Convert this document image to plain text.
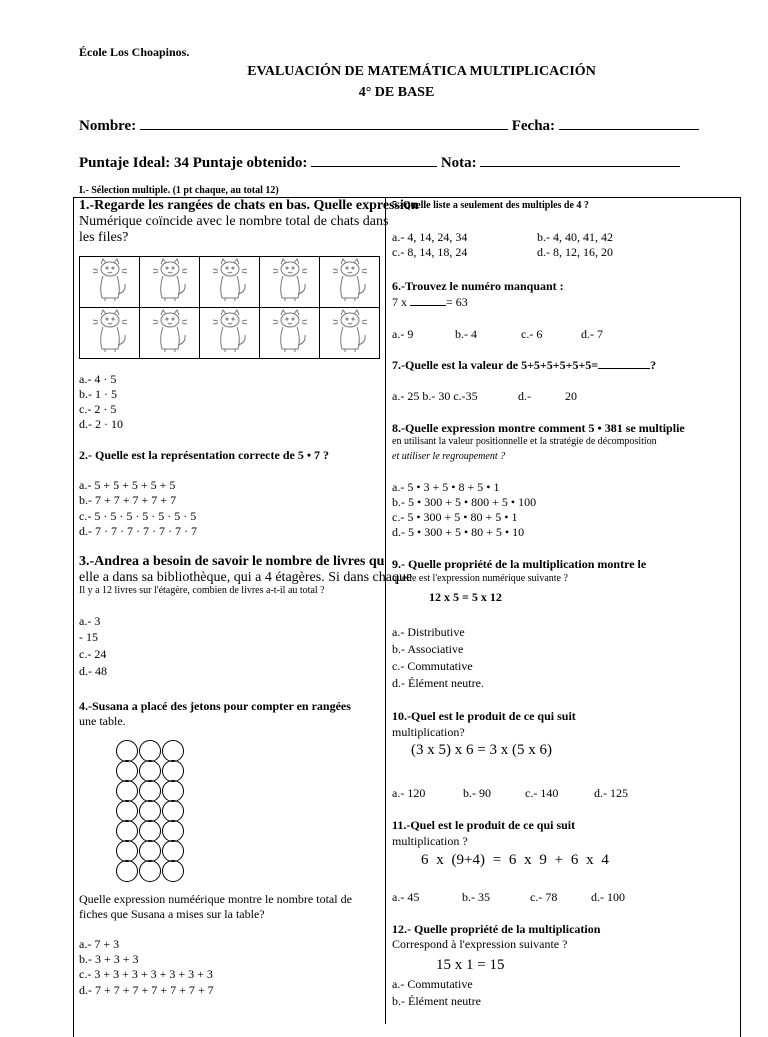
École Los Choapinos.
EVALUACIÓN DE MATEMÁTICA MULTIPLICACIÓN
4° DE BASE
Nombre:	Fecha:
Puntaje Ideal: 34 Puntaje obtenido:	Nota:
I.- Sélection multiple. (1 pt chaque, au total 12)
1.-Regarde les rangées de chats en bas. Quelle expression
Numérique coïncide avec le nombre total de chats dans
les files?

a.- 4 · 5
b.- 1 · 5
c.- 2 · 5
d.- 2 · 10
2.- Quelle est la représentation correcte de 5 • 7 ?
a.- 5 + 5 + 5 + 5 + 5
b.- 7 + 7 + 7 + 7 + 7
c.- 5 · 5 · 5 · 5 · 5 · 5 · 5
d.- 7 · 7 · 7 · 7 · 7 · 7 · 7
3.-Andrea a besoin de savoir le nombre de livres qu
elle a dans sa bibliothèque, qui a 4 étagères. Si dans chaque
Il y a 12 livres sur l'étagère, combien de livres a-t-il au total ?
a.- 3
- 15
c.- 24
d.- 48
4.-Susana a placé des jetons pour compter en rangées
une table.
Quelle expression numéérique montre le nombre total de
fiches que Susana a mises sur la table?
a.- 7 + 3
b.- 3 + 3 + 3
c.- 3 + 3 + 3 + 3 + 3 + 3 + 3
d.- 7 + 7 + 7 + 7 + 7 + 7 + 7
5.-Quelle liste a seulement des multiples de 4 ?
a.- 4, 14, 24, 34	b.- 4, 40, 41, 42
c.- 8, 14, 18, 24	d.- 8, 12, 16, 20
6.-Trouvez le numéro manquant :
7 x	= 63
a.- 9	b.- 4	c.- 6	d.- 7
7.-Quelle est la valeur de 5+5+5+5+5+5=	?
a.- 25 b.- 30 c.-35	d.-	20
8.-Quelle expression montre comment 5 • 381 se multiplie
en utilisant la valeur positionnelle et la stratégie de décomposition
et utiliser le regroupement ?
a.- 5 • 3 + 5 • 8 + 5 • 1
b.- 5 • 300 + 5 • 800 + 5 • 100
c.- 5 • 300 + 5 • 80 + 5 • 1
d.- 5 • 300 + 5 • 80 + 5 • 10
9.- Quelle propriété de la multiplication montre le
quelle est l'expression numérique suivante ?
12 x 5 = 5 x 12
a.- Distributive
b.- Associative
c.- Commutative
d.- Élément neutre.
10.-Quel est le produit de ce qui suit
multiplication?
(3 x 5) x 6 = 3 x (5 x 6)
a.- 120	b.- 90	c.- 140	d.- 125
11.-Quel est le produit de ce qui suit
multiplication ?
6 x (9+4) = 6 x 9 + 6 x 4
a.- 45	b.- 35	c.- 78	d.- 100
12.- Quelle propriété de la multiplication
Correspond à l'expression suivante ?
15 x 1 = 15
a.- Commutative
b.- Élément neutre
